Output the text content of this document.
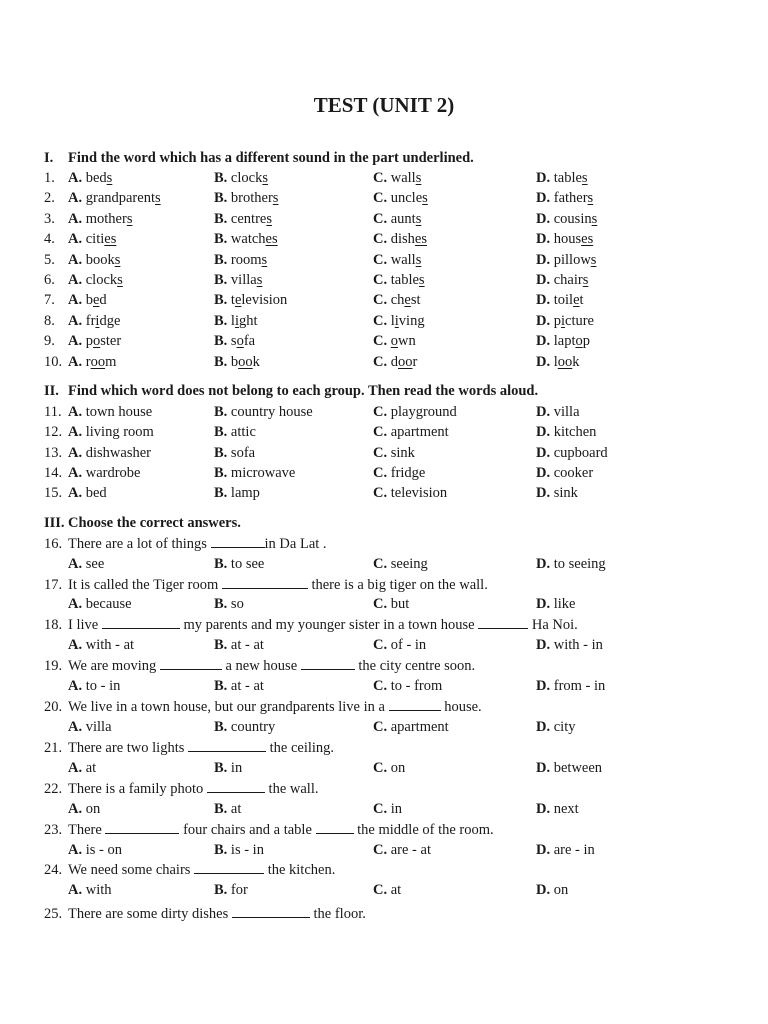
TEST (UNIT 2)
I. Find the word which has a different sound in the part underlined.
1. A. beds	B. clocks	C. walls	D. tables
2. A. grandparents	B. brothers	C. uncles	D. fathers
3. A. mothers	B. centres	C. aunts	D. cousins
4. A. cities	B. watches	C. dishes	D. houses
5. A. books	B. rooms	C. walls	D. pillows
6. A. clocks	B. villas	C. tables	D. chairs
7. A. bed	B. television	C. chest	D. toilet
8. A. fridge	B. light	C. living	D. picture
9. A. poster	B. sofa	C. own	D. laptop
10. A. room	B. book	C. door	D. look
II. Find which word does not belong to each group. Then read the words aloud.
11. A. town house	B. country house	C. playground	D. villa
12. A. living room	B. attic	C. apartment	D. kitchen
13. A. dishwasher	B. sofa	C. sink	D. cupboard
14. A. wardrobe	B. microwave	C. fridge	D. cooker
15. A. bed	B. lamp	C. television	D. sink
III. Choose the correct answers.
16. There are a lot of things	in Da Lat .
A. see	B. to see	C. seeing	D. to seeing
17. It is called the Tiger room	there is a big tiger on the wall.
A. because	B. so	C. but	D. like
18. I live	my parents and my younger sister in a town house	Ha Noi.
A. with - at	B. at - at	C. of - in	D. with - in
19. We are moving	a new house	the city centre soon.
A. to - in	B. at - at	C. to - from	D. from - in
20. We live in a town house, but our grandparents live in a	house.
A. villa	B. country	C. apartment	D. city
21. There are two lights	the ceiling.
A. at	B. in	C. on	D. between
22. There is a family photo	the wall.
A. on	B. at	C. in	D. next
23. There	four chairs and a table	the middle of the room.
A. is - on	B. is - in	C. are - at	D. are - in
24. We need some chairs	the kitchen.
A. with	B. for	C. at	D. on
25. There are some dirty dishes	the floor.
